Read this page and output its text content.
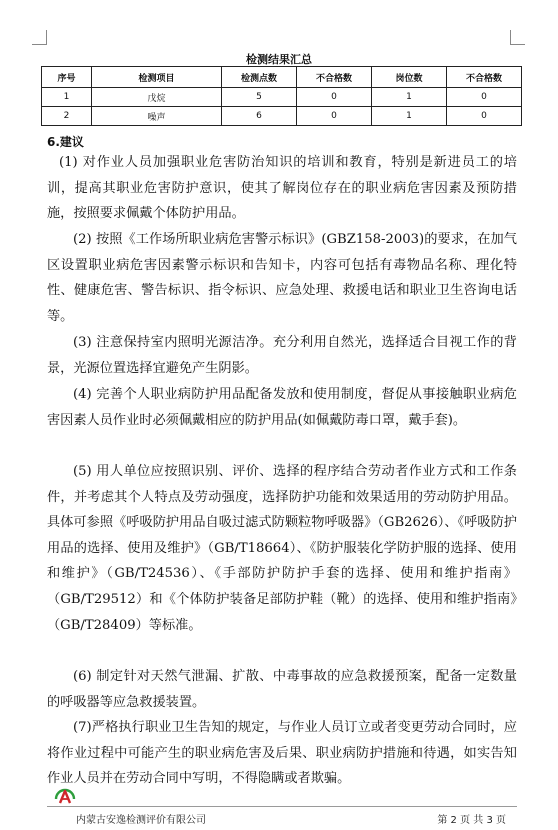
检测结果汇总
序号	检测项目	检测点数	不合格数	岗位数	不合格数
1	戊烷	5	0	1	0
2	噪声	6	0	1	0
6.建议

(1) 对作业人员加强职业危害防治知识的培训和教育，特别是新进员工的培训，提高其职业危害防护意识，使其了解岗位存在的职业病危害因素及预防措施，按照要求佩戴个体防护用品。

(2) 按照《工作场所职业病危害警示标识》(GBZ158-2003)的要求，在加气区设置职业病危害因素警示标识和告知卡，内容可包括有毒物品名称、理化特性、健康危害、警告标识、指令标识、应急处理、救援电话和职业卫生咨询电话等。

(3) 注意保持室内照明光源洁净。充分利用自然光，选择适合目视工作的背景，光源位置选择宜避免产生阴影。

(4) 完善个人职业病防护用品配备发放和使用制度，督促从事接触职业病危害因素人员作业时必须佩戴相应的防护用品(如佩戴防毒口罩，戴手套)。

(5) 用人单位应按照识别、评价、选择的程序结合劳动者作业方式和工作条件，并考虑其个人特点及劳动强度，选择防护功能和效果适用的劳动防护用品。具体可参照《呼吸防护用品自吸过滤式防颗粒物呼吸器》（GB2626）、《呼吸防护用品的选择、使用及维护》（GB/T18664）、《防护服装化学防护服的选择、使用和维护》（GB/T24536）、《手部防护防护手套的选择、使用和维护指南》（GB/T29512）和《个体防护装备足部防护鞋（靴）的选择、使用和维护指南》（GB/T28409）等标准。

(6) 制定针对天然气泄漏、扩散、中毒事故的应急救援预案，配备一定数量的呼吸器等应急救援装置。

(7)严格执行职业卫生告知的规定，与作业人员订立或者变更劳动合同时，应将作业过程中可能产生的职业病危害及后果、职业病防护措施和待遇，如实告知作业人员并在劳动合同中写明，不得隐瞒或者欺骗。

内蒙古安逸检测评价有限公司	第 2 页 共 3 页
